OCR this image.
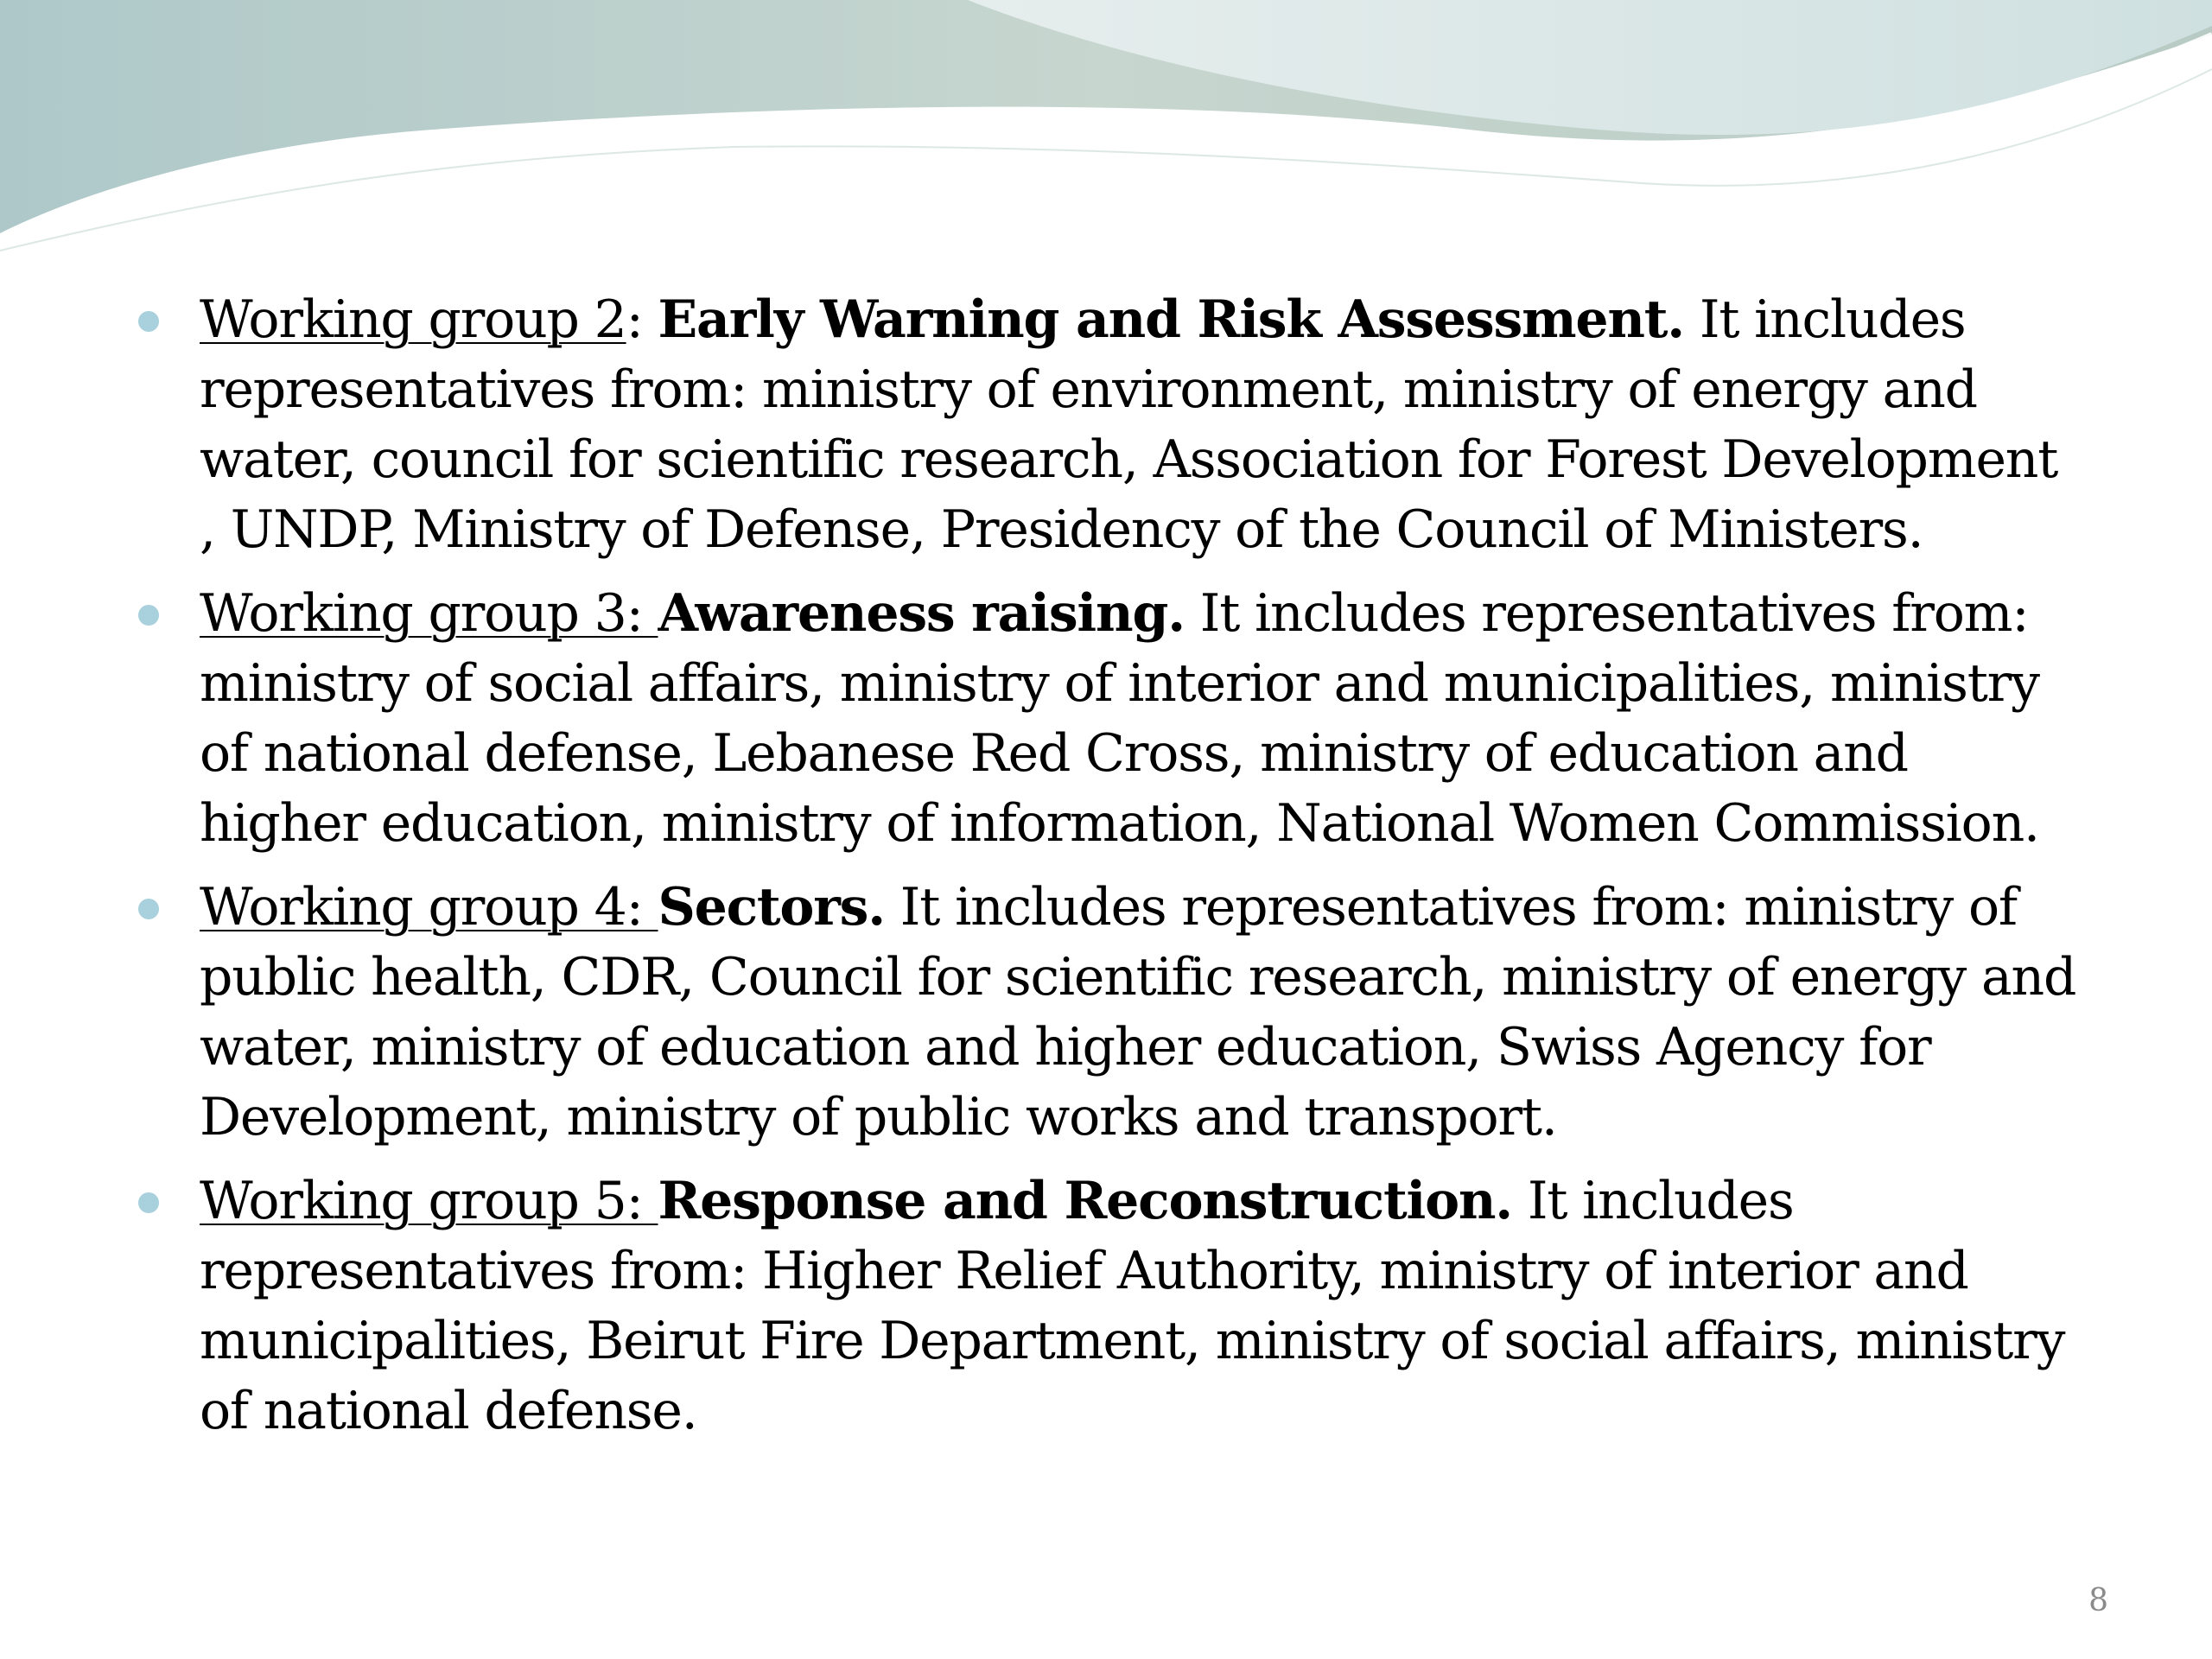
Working group 2: Early Warning and Risk Assessment. It includes representatives from: ministry of environment, ministry of energy and water, council for scientific research, Association for Forest Development , UNDP, Ministry of Defense, Presidency of the Council of Ministers.
Working group 3: Awareness raising. It includes representatives from: ministry of social affairs, ministry of interior and municipalities, ministry of national defense, Lebanese Red Cross, ministry of education and higher education, ministry of information, National Women Commission.
Working group 4: Sectors. It includes representatives from: ministry of public health, CDR, Council for scientific research, ministry of energy and water, ministry of education and higher education, Swiss Agency for Development, ministry of public works and transport.
Working group 5: Response and Reconstruction. It includes representatives from: Higher Relief Authority, ministry of interior and municipalities, Beirut Fire Department, ministry of social affairs, ministry of national defense.
8
